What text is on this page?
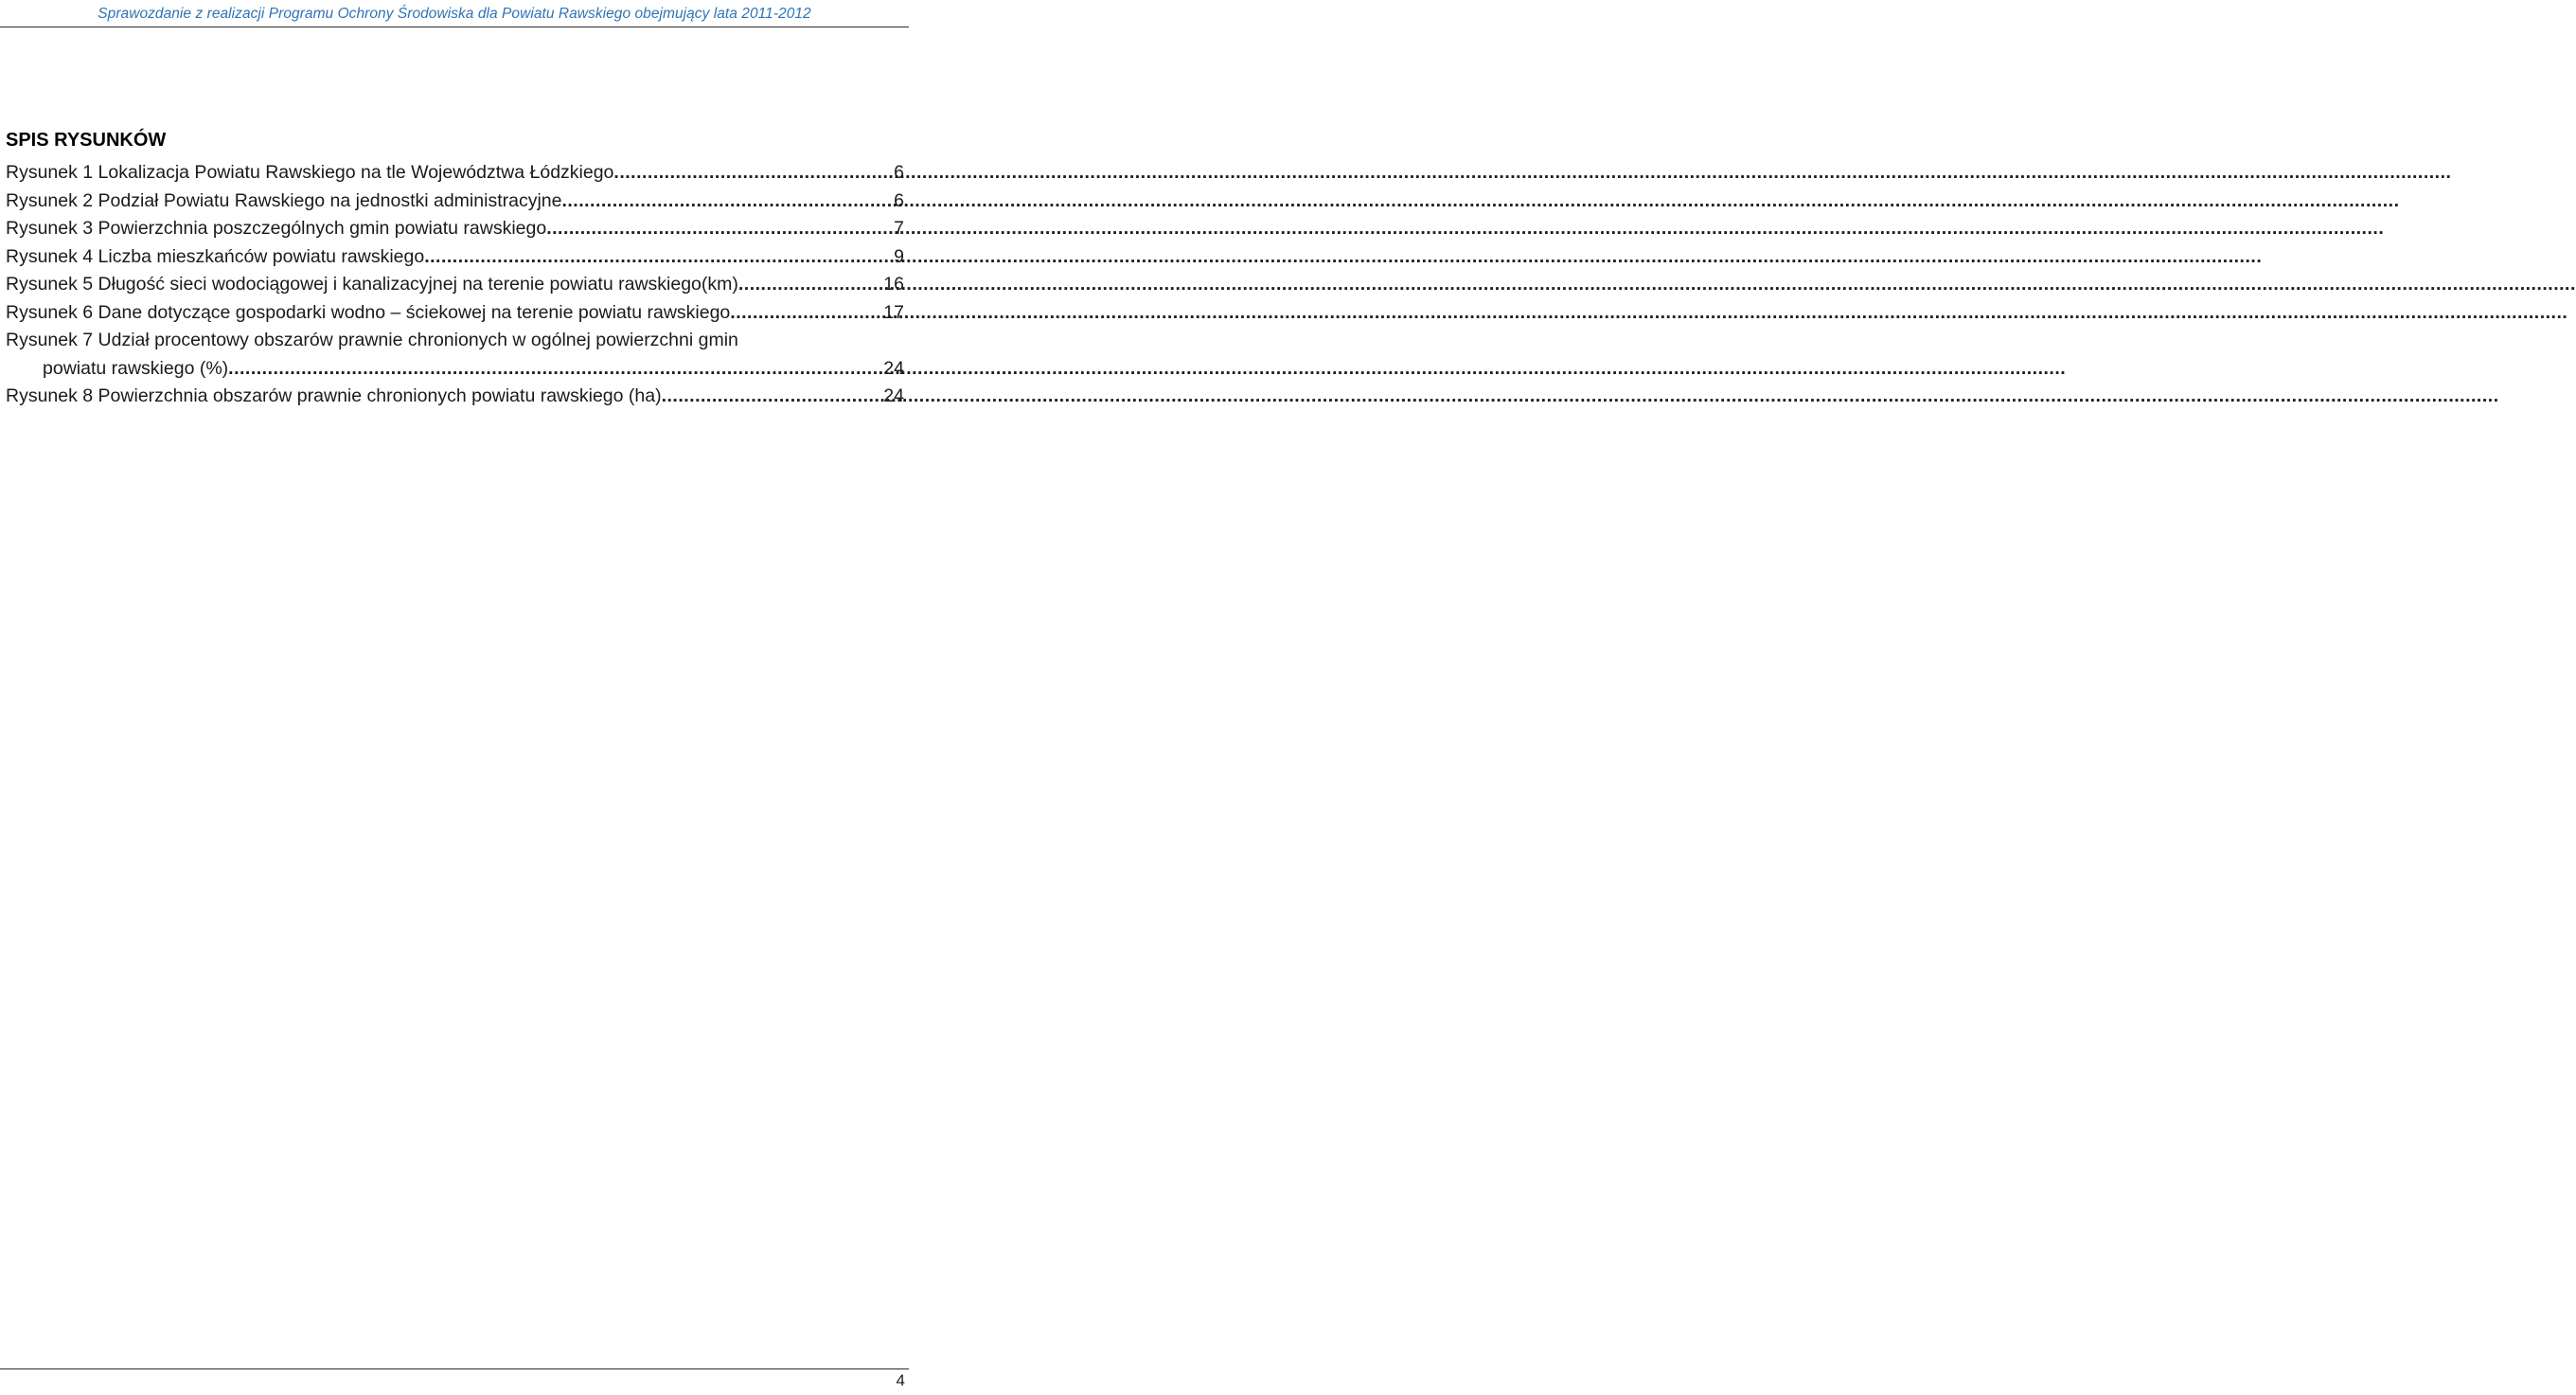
Sprawozdanie z realizacji Programu Ochrony Środowiska dla Powiatu Rawskiego obejmujący lata 2011-2012
SPIS RYSUNKÓW
Rysunek 1 Lokalizacja Powiatu Rawskiego na tle Województwa Łódzkiego .....	6
Rysunek 2 Podział Powiatu Rawskiego na jednostki administracyjne .....	6
Rysunek 3 Powierzchnia poszczególnych gmin powiatu rawskiego .....	7
Rysunek 4 Liczba mieszkańców powiatu rawskiego .....	9
Rysunek 5 Długość sieci wodociągowej i kanalizacyjnej na terenie powiatu rawskiego(km) .....	16
Rysunek 6 Dane dotyczące gospodarki wodno – ściekowej na terenie powiatu rawskiego .....	17
Rysunek 7 Udział procentowy obszarów prawnie chronionych w ogólnej powierzchni gmin
powiatu rawskiego (%) .....	24
Rysunek 8 Powierzchnia obszarów prawnie chronionych powiatu rawskiego (ha) .....	24
4
